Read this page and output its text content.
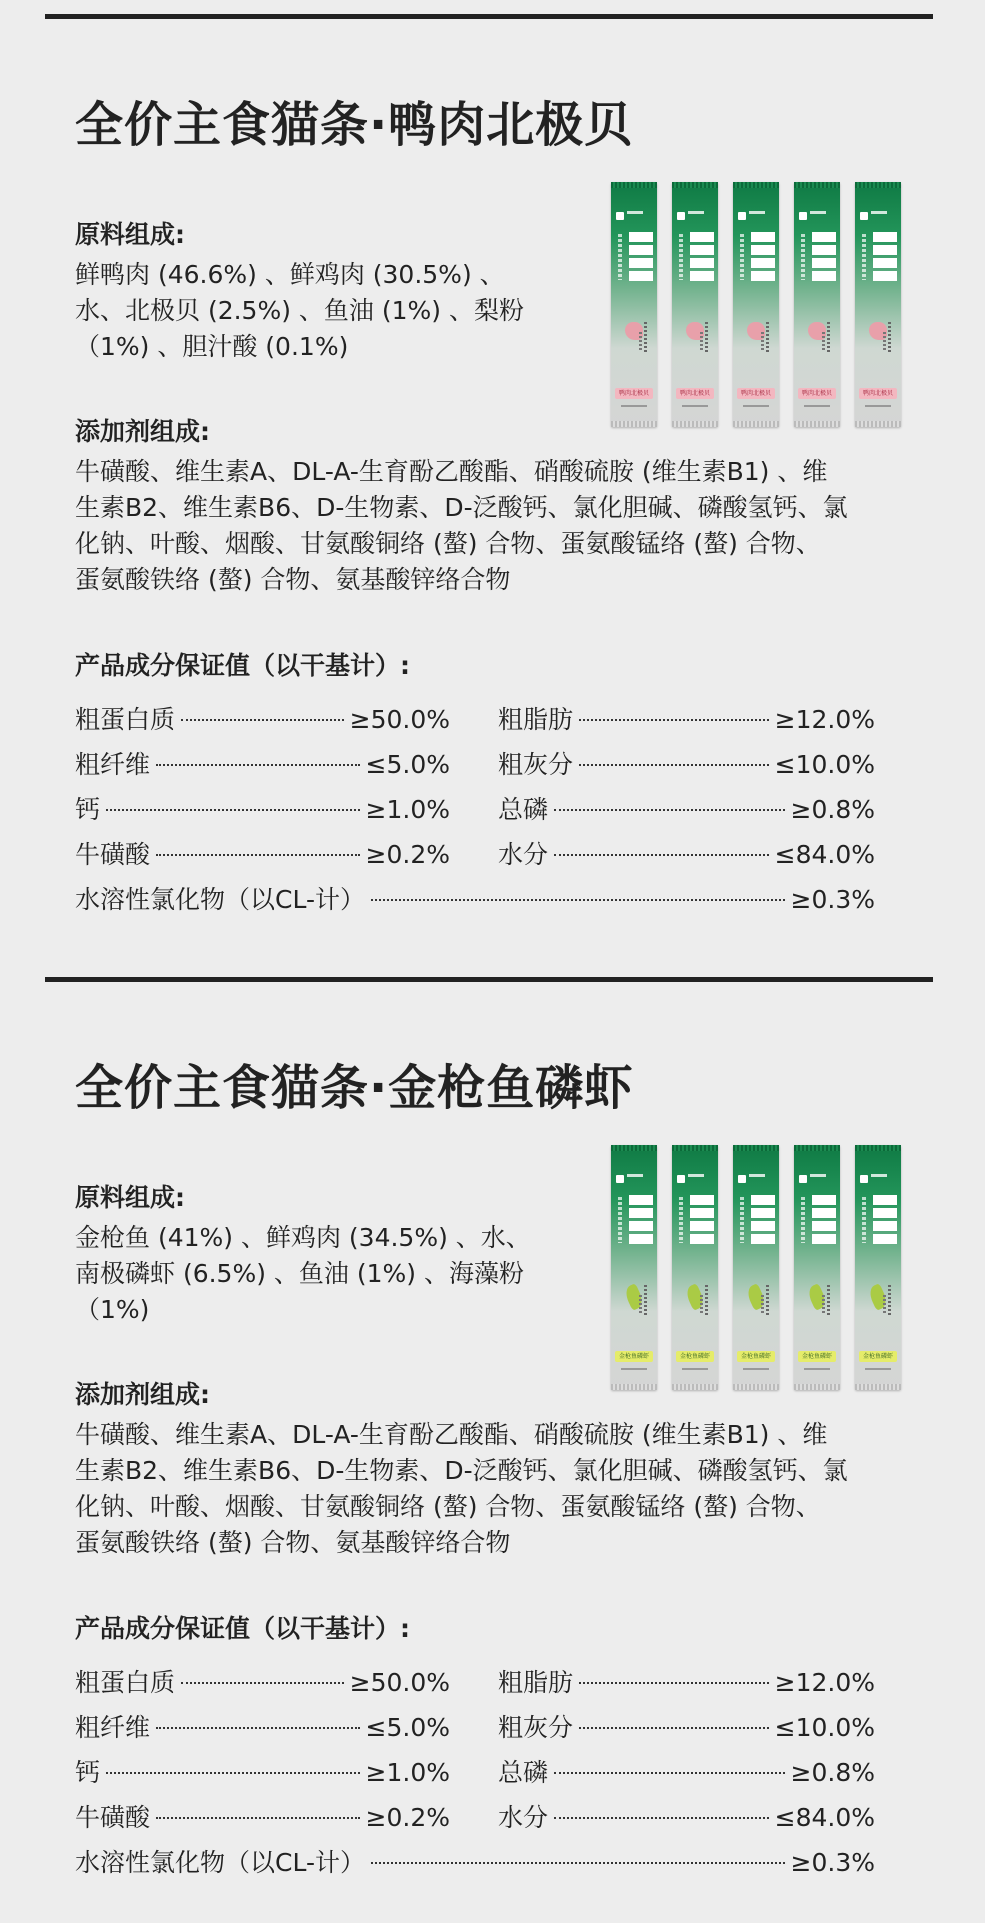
全价主食猫条·鸭肉北极贝
原料组成:
鲜鸭肉 (46.6%) 、鲜鸡肉 (30.5%) 、
水、北极贝 (2.5%) 、鱼油 (1%) 、梨粉
（1%) 、胆汁酸 (0.1%)
添加剂组成:
牛磺酸、维生素A、DL-A-生育酚乙酸酯、硝酸硫胺 (维生素B1) 、维
生素B2、维生素B6、D-生物素、D-泛酸钙、氯化胆碱、磷酸氢钙、氯
化钠、叶酸、烟酸、甘氨酸铜络 (螯) 合物、蛋氨酸锰络 (螯) 合物、
蛋氨酸铁络 (螯) 合物、氨基酸锌络合物
产品成分保证值（以干基计）:
粗蛋白质	≥50.0% 粗脂肪	≥12.0%
粗纤维	≤5.0% 粗灰分	≤10.0%
钙	≥1.0% 总磷	≥0.8%
牛磺酸	≥0.2% 水分	≤84.0%
水溶性氯化物（以CL-计）	≥0.3%
鸭肉北极贝	鸭肉北极贝	鸭肉北极贝	鸭肉北极贝	鸭肉北极贝
全价主食猫条·金枪鱼磷虾
原料组成:
金枪鱼 (41%) 、鲜鸡肉 (34.5%) 、水、
南极磷虾 (6.5%) 、鱼油 (1%) 、海藻粉
（1%)
添加剂组成:
牛磺酸、维生素A、DL-A-生育酚乙酸酯、硝酸硫胺 (维生素B1) 、维
生素B2、维生素B6、D-生物素、D-泛酸钙、氯化胆碱、磷酸氢钙、氯
化钠、叶酸、烟酸、甘氨酸铜络 (螯) 合物、蛋氨酸锰络 (螯) 合物、
蛋氨酸铁络 (螯) 合物、氨基酸锌络合物
产品成分保证值（以干基计）:
粗蛋白质	≥50.0% 粗脂肪	≥12.0%
粗纤维	≤5.0% 粗灰分	≤10.0%
钙	≥1.0% 总磷	≥0.8%
牛磺酸	≥0.2% 水分	≤84.0%
水溶性氯化物（以CL-计）	≥0.3%
金枪鱼磷虾	金枪鱼磷虾	金枪鱼磷虾	金枪鱼磷虾	金枪鱼磷虾
